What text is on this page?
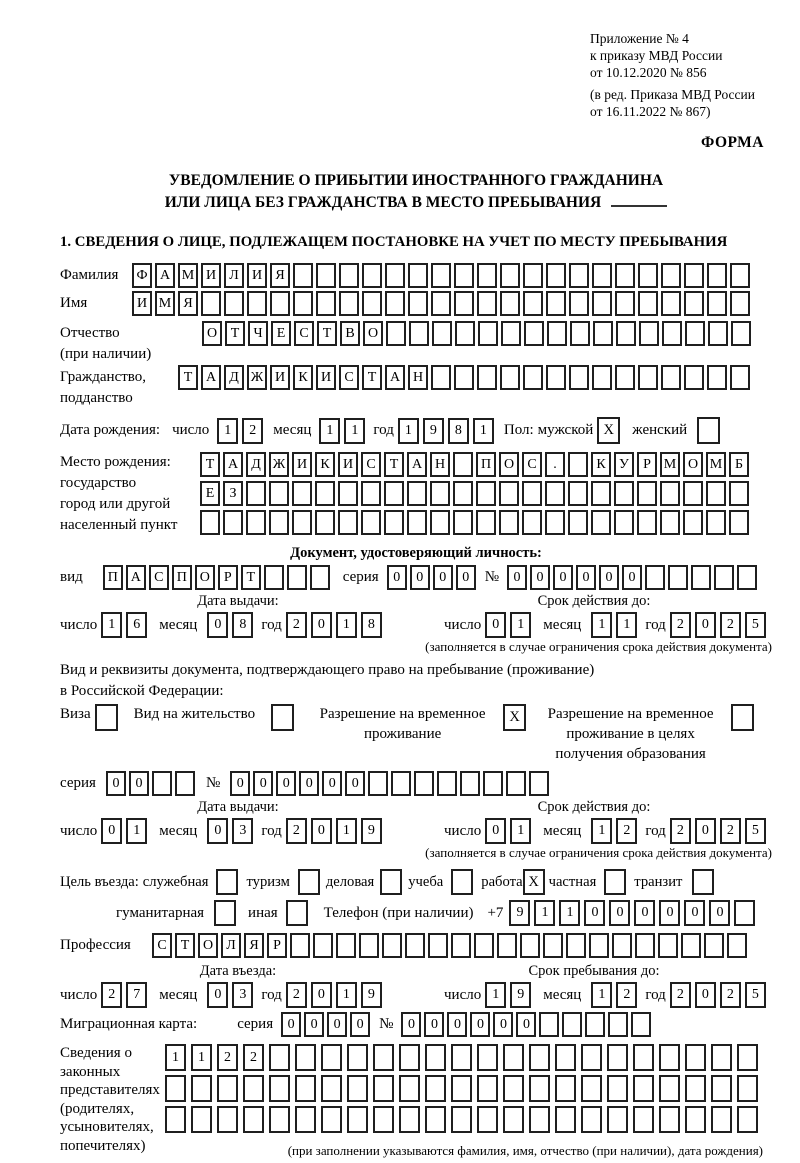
Приложение № 4
к приказу МВД России
от 10.12.2020 № 856
(в ред. Приказа МВД России
от 16.11.2022 № 867)
ФОРМА
УВЕДОМЛЕНИЕ О ПРИБЫТИИ ИНОСТРАННОГО ГРАЖДАНИНА
ИЛИ ЛИЦА БЕЗ ГРАЖДАНСТВА В МЕСТО ПРЕБЫВАНИЯ
1. СВЕДЕНИЯ О ЛИЦЕ, ПОДЛЕЖАЩЕМ ПОСТАНОВКЕ НА УЧЕТ ПО МЕСТУ ПРЕБЫВАНИЯ
Фамилия	Ф А М И Л И Я
Имя	И М Я
Отчество
(при наличии)
О Т	Ч	Е	С	Т	В О
Гражданство,
подданство
Т А Д Ж И К И С	Т А Н
Дата рождения: число	1	2	месяц	1	1	год 1	9	8	1	Пол: мужской X	женский
Место рождения:
государство
город или другой
населенный пункт
Т А Д Ж И К И С	Т А Н	П О С	.	К У	Р М О М Б
Е	З
Документ, удостоверяющий личность:
вид	П А С П О	Р	Т	серия	0	0	0	0	№	0	0	0	0	0	0
Дата выдачи:
число 1	6	месяц	0	8	год 2	0	1	8
Срок действия до:
число 0	1	месяц	1	1	год 2	0	2	5
(заполняется в случае ограничения срока действия документа)
Вид и реквизиты документа, подтверждающего право на пребывание (проживание)
в Российской Федерации:
Виза	Вид на жительство	Разрешение на временное проживание
X	Разрешение на временное проживание в целях получения образования
серия	0	0	№	0	0	0	0	0	0
Дата выдачи:
число 0	1	месяц	0	3	год 2	0	1	9
Срок действия до:
число 0	1	месяц	1	2	год 2	0	2	5
(заполняется в случае ограничения срока действия документа)
Цель въезда: служебная	туризм деловая учеба	работа X частная	транзит
гуманитарная	иная	Телефон (при наличии) +7 9	1	1	0	0	0	0	0	0
Профессия	С	Т О Л Я	Р
Дата въезда:
число 2	7	месяц	0	3	год 2	0	1	9
Срок пребывания до:
число 1	9	месяц	1	2	год 2	0	2	5
Миграционная карта:	серия	0	0	0	0	№	0	0	0	0	0	0
Сведения о
законных
представителях
(родителях,
усыновителях,
попечителях)
1	1	2	2
(при заполнении указываются фамилия, имя, отчество (при наличии), дата рождения)
